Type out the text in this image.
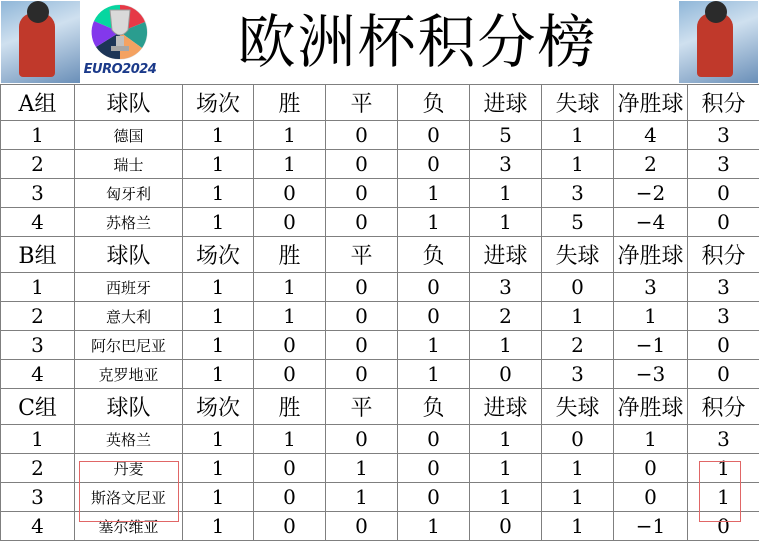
EURO2024	欧洲杯积分榜
A组	球队	场次	胜	平	负	进球	失球	净胜球	积分
1	德国	1	1	0	0	5	1	4	3
2	瑞士	1	1	0	0	3	1	2	3
3	匈牙利	1	0	0	1	1	3	−2	0
4	苏格兰	1	0	0	1	1	5	−4	0
B组	球队	场次	胜	平	负	进球	失球	净胜球	积分
1	西班牙	1	1	0	0	3	0	3	3
2	意大利	1	1	0	0	2	1	1	3
3	阿尔巴尼亚	1	0	0	1	1	2	−1	0
4	克罗地亚	1	0	0	1	0	3	−3	0
C组	球队	场次	胜	平	负	进球	失球	净胜球	积分
1	英格兰	1	1	0	0	1	0	1	3
2	丹麦	1	0	1	0	1	1	0	1
3	斯洛文尼亚	1	0	1	0	1	1	0	1
4	塞尔维亚	1	0	0	1	0	1	−1	0
